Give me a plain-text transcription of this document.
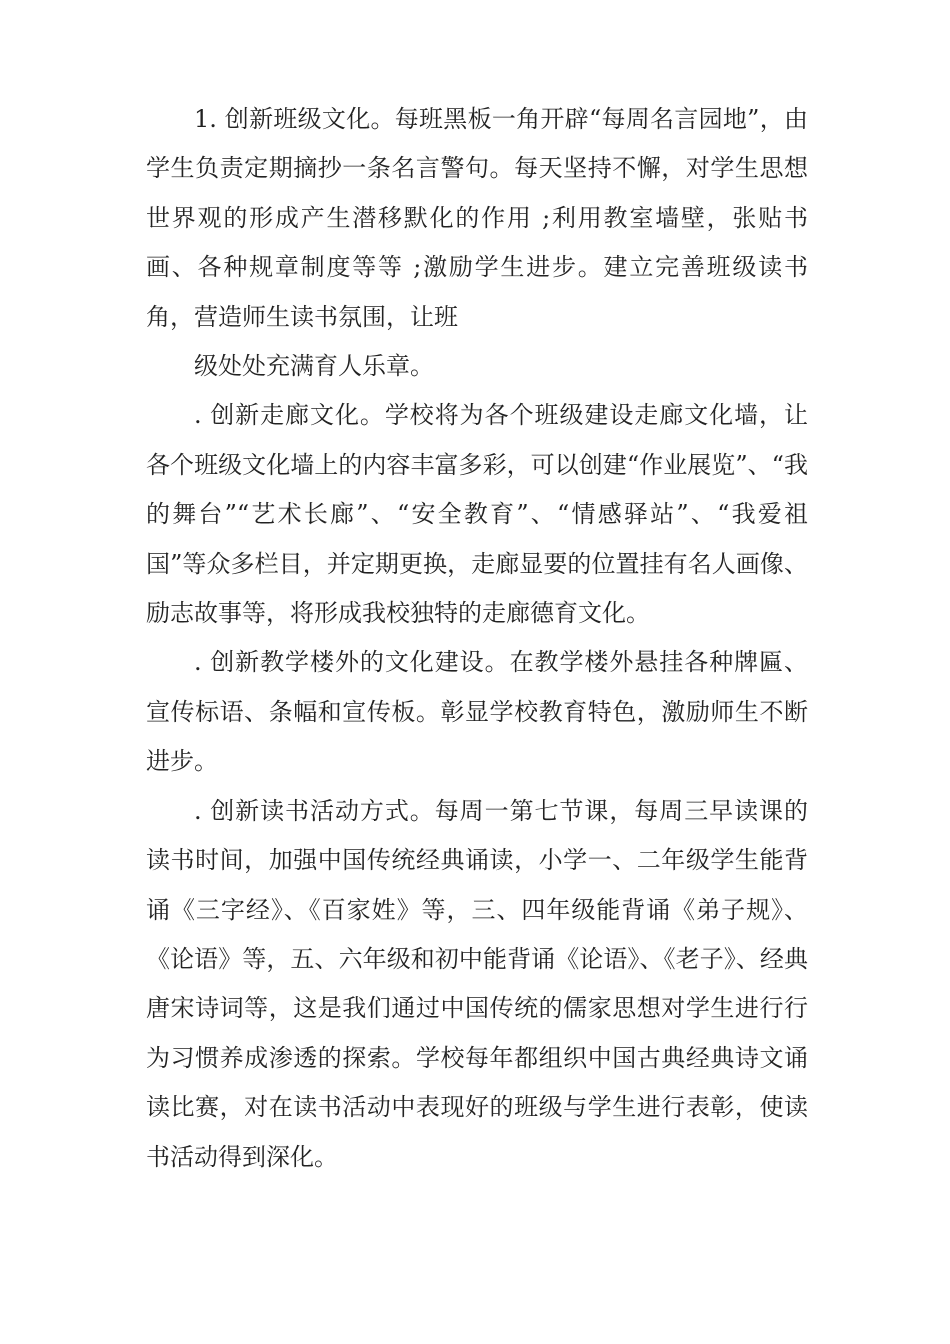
1. 创新班级文化。每班黑板一角开辟“每周名言园地”，由学生负责定期摘抄一条名言警句。每天坚持不懈，对学生思想世界观的形成产生潜移默化的作用 ;利用教室墙壁，张贴书画、各种规章制度等等 ;激励学生进步。建立完善班级读书角，营造师生读书氛围，让班

级处处充满育人乐章。

. 创新走廊文化。学校将为各个班级建设走廊文化墙，让各个班级文化墙上的内容丰富多彩，可以创建“作业展览”、“我的舞台”“艺术长廊”、“安全教育”、“情感驿站”、“我爱祖国”等众多栏目，并定期更换，走廊显要的位置挂有名人画像、励志故事等，将形成我校独特的走廊德育文化。

. 创新教学楼外的文化建设。在教学楼外悬挂各种牌匾、宣传标语、条幅和宣传板。彰显学校教育特色，激励师生不断进步。

. 创新读书活动方式。每周一第七节课，每周三早读课的读书时间，加强中国传统经典诵读，小学一、二年级学生能背诵《三字经》、《百家姓》等，三、四年级能背诵《弟子规》、《论语》等，五、六年级和初中能背诵《论语》、《老子》、经典唐宋诗词等，这是我们通过中国传统的儒家思想对学生进行行为习惯养成渗透的探索。学校每年都组织中国古典经典诗文诵读比赛，对在读书活动中表现好的班级与学生进行表彰，使读书活动得到深化。
